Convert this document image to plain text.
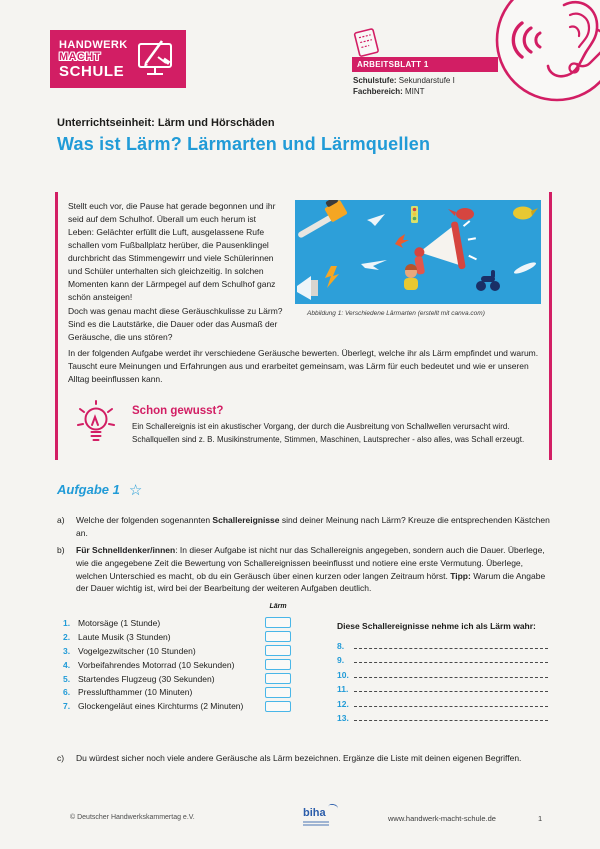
HANDWERK
MACHT
SCHULE	ARBEITSBLATT 1
Schulstufe: Sekundarstufe I
Fachbereich: MINT
Unterrichtseinheit: Lärm und Hörschäden
Was ist Lärm? Lärmarten und Lärmquellen
Abbildung 1: Verschiedene Lärmarten (erstellt mit canva.com)

Stellt euch vor, die Pause hat gerade begonnen und ihr seid auf dem Schulhof. Überall um euch herum ist Leben: Gelächter erfüllt die Luft, ausgelassene Rufe schallen vom Fußballplatz herüber, die Pausenklingel durchbricht das Stimmengewirr und viele Schülerinnen und Schüler unterhalten sich gleichzeitig. In solchen Momenten kann der Lärmpegel auf dem Schulhof ganz schön ansteigen!

Doch was genau macht diese Geräuschkulisse zu Lärm? Sind es die Lautstärke, die Dauer oder das Ausmaß der Geräusche, die uns stören?

In der folgenden Aufgabe werdet ihr verschiedene Geräusche bewerten. Überlegt, welche ihr als Lärm empfindet und warum. Tauscht eure Meinungen und Erfahrungen aus und erarbeitet gemeinsam, was Lärm für euch bedeutet und wie er unseren Alltag beeinflussen kann.

Schon gewusst?
Ein Schallereignis ist ein akustischer Vorgang, der durch die Ausbreitung von Schallwellen verursacht wird. Schallquellen sind z. B. Musikinstrumente, Stimmen, Maschinen, Lautsprecher - also alles, was Schall erzeugt.
Aufgabe 1 ☆
a)	Welche der folgenden sogenannten Schallereignisse sind deiner Meinung nach Lärm? Kreuze die entsprechenden Kästchen an.
b)	Für Schnelldenker/innen: In dieser Aufgabe ist nicht nur das Schallereignis angegeben, sondern auch die Dauer. Überlege, wie die angegebene Zeit die Bewertung von Schallereignissen beeinflusst und notiere eine erste Vermutung. Überlege, welchen Unterschied es macht, ob du ein Geräusch über einen kurzen oder langen Zeitraum hörst. Tipp: Warum die Angabe der Dauer wichtig ist, wird bei der Bearbeitung der weiteren Aufgaben deutlich.
Lärm
1. Motorsäge (1 Stunde)
2. Laute Musik (3 Stunden)
3. Vogelgezwitscher (10 Stunden)
4. Vorbeifahrendes Motorrad (10 Sekunden)
5. Startendes Flugzeug (30 Sekunden)
6. Presslufthammer (10 Minuten)
7. Glockengeläut eines Kirchturms (2 Minuten)
Diese Schallereignisse nehme ich als Lärm wahr:
8.
9.
10.
11.
12.
13.
c)	Du würdest sicher noch viele andere Geräusche als Lärm bezeichnen. Ergänze die Liste mit deinen eigenen Begriffen.
© Deutscher Handwerkskammertag e.V.	biha	www.handwerk-macht-schule.de	1
